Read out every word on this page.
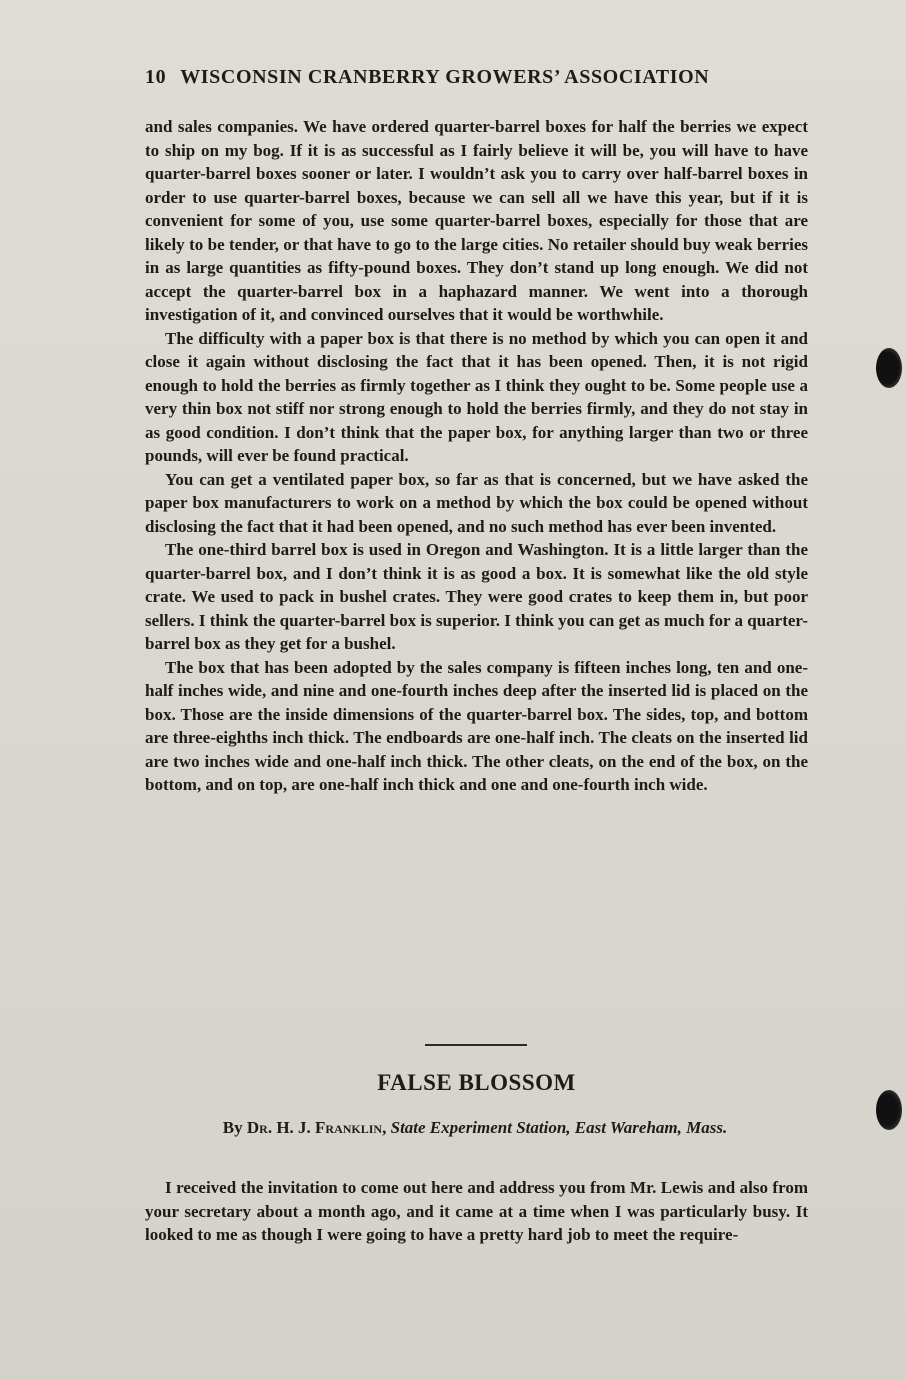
10 WISCONSIN CRANBERRY GROWERS’ ASSOCIATION

and sales companies. We have ordered quarter-barrel boxes for half the berries we expect to ship on my bog. If it is as successful as I fairly believe it will be, you will have to have quarter-barrel boxes sooner or later. I wouldn’t ask you to carry over half-barrel boxes in order to use quarter-barrel boxes, because we can sell all we have this year, but if it is convenient for some of you, use some quarter-barrel boxes, especially for those that are likely to be tender, or that have to go to the large cities. No retailer should buy weak berries in as large quantities as fifty-pound boxes. They don’t stand up long enough. We did not accept the quarter-barrel box in a haphazard manner. We went into a thorough investigation of it, and convinced ourselves that it would be worthwhile.

The difficulty with a paper box is that there is no method by which you can open it and close it again without disclosing the fact that it has been opened. Then, it is not rigid enough to hold the berries as firmly together as I think they ought to be. Some people use a very thin box not stiff nor strong enough to hold the berries firmly, and they do not stay in as good condition. I don’t think that the paper box, for anything larger than two or three pounds, will ever be found practical.

You can get a ventilated paper box, so far as that is concerned, but we have asked the paper box manufacturers to work on a method by which the box could be opened without disclosing the fact that it had been opened, and no such method has ever been invented.

The one-third barrel box is used in Oregon and Washington. It is a little larger than the quarter-barrel box, and I don’t think it is as good a box. It is somewhat like the old style crate. We used to pack in bushel crates. They were good crates to keep them in, but poor sellers. I think the quarter-barrel box is superior. I think you can get as much for a quarter-barrel box as they get for a bushel.

The box that has been adopted by the sales company is fifteen inches long, ten and one-half inches wide, and nine and one-fourth inches deep after the inserted lid is placed on the box. Those are the inside dimensions of the quarter-barrel box. The sides, top, and bottom are three-eighths inch thick. The endboards are one-half inch. The cleats on the inserted lid are two inches wide and one-half inch thick. The other cleats, on the end of the box, on the bottom, and on top, are one-half inch thick and one and one-fourth inch wide.

FALSE BLOSSOM
By Dr. H. J. Franklin, State Experiment Station, East Wareham, Mass.

I received the invitation to come out here and address you from Mr. Lewis and also from your secretary about a month ago, and it came at a time when I was particularly busy. It looked to me as though I were going to have a pretty hard job to meet the require-
